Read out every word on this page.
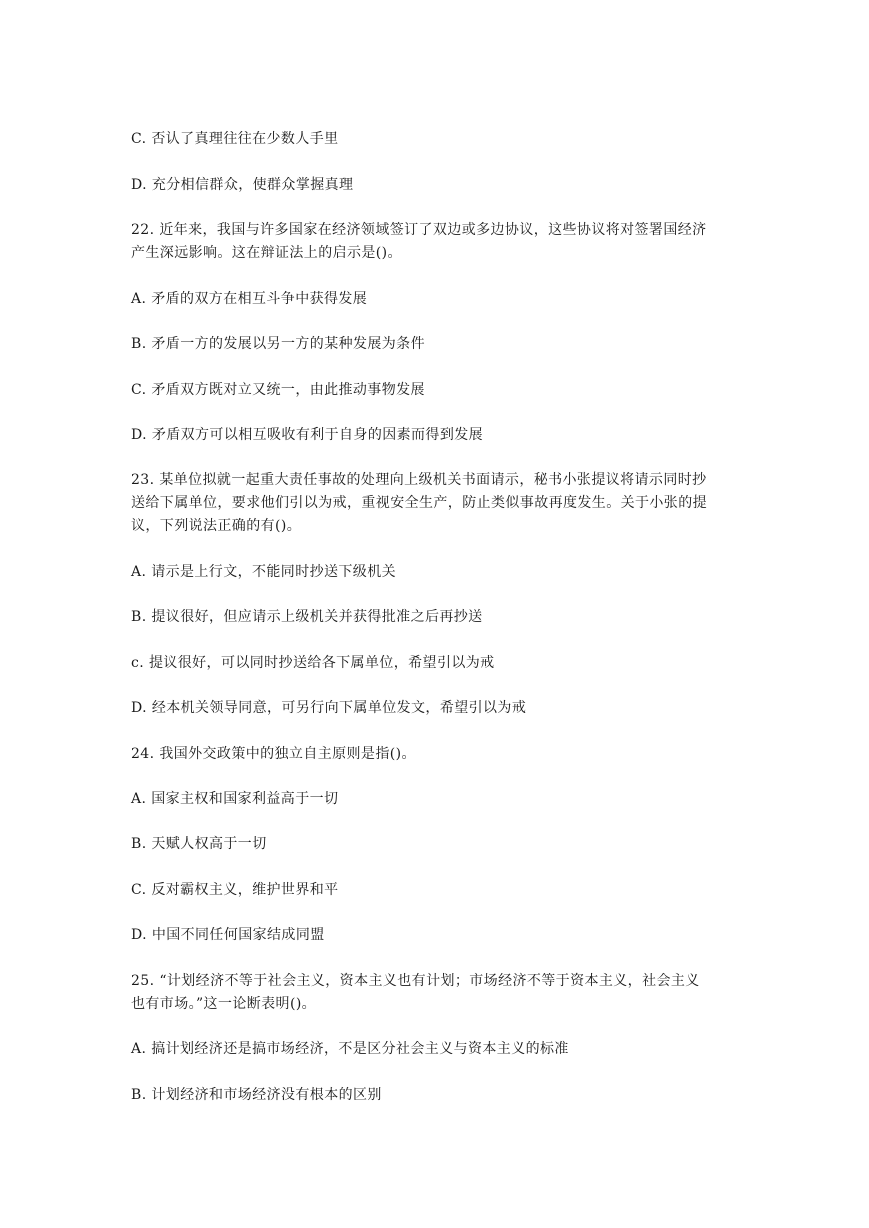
C. 否认了真理往往在少数人手里
D. 充分相信群众，使群众掌握真理
22. 近年来，我国与许多国家在经济领域签订了双边或多边协议，这些协议将对签署国经济
产生深远影响。这在辩证法上的启示是()。
A. 矛盾的双方在相互斗争中获得发展
B. 矛盾一方的发展以另一方的某种发展为条件
C. 矛盾双方既对立又统一，由此推动事物发展
D. 矛盾双方可以相互吸收有利于自身的因素而得到发展
23. 某单位拟就一起重大责任事故的处理向上级机关书面请示，秘书小张提议将请示同时抄
送给下属单位，要求他们引以为戒，重视安全生产，防止类似事故再度发生。关于小张的提
议，下列说法正确的有()。
A. 请示是上行文，不能同时抄送下级机关
B. 提议很好，但应请示上级机关并获得批准之后再抄送
c. 提议很好，可以同时抄送给各下属单位，希望引以为戒
D. 经本机关领导同意，可另行向下属单位发文，希望引以为戒
24. 我国外交政策中的独立自主原则是指()。
A. 国家主权和国家利益高于一切
B. 天赋人权高于一切
C. 反对霸权主义，维护世界和平
D. 中国不同任何国家结成同盟
25. “计划经济不等于社会主义，资本主义也有计划；市场经济不等于资本主义，社会主义
也有市场。”这一论断表明()。
A. 搞计划经济还是搞市场经济，不是区分社会主义与资本主义的标准
B. 计划经济和市场经济没有根本的区别
